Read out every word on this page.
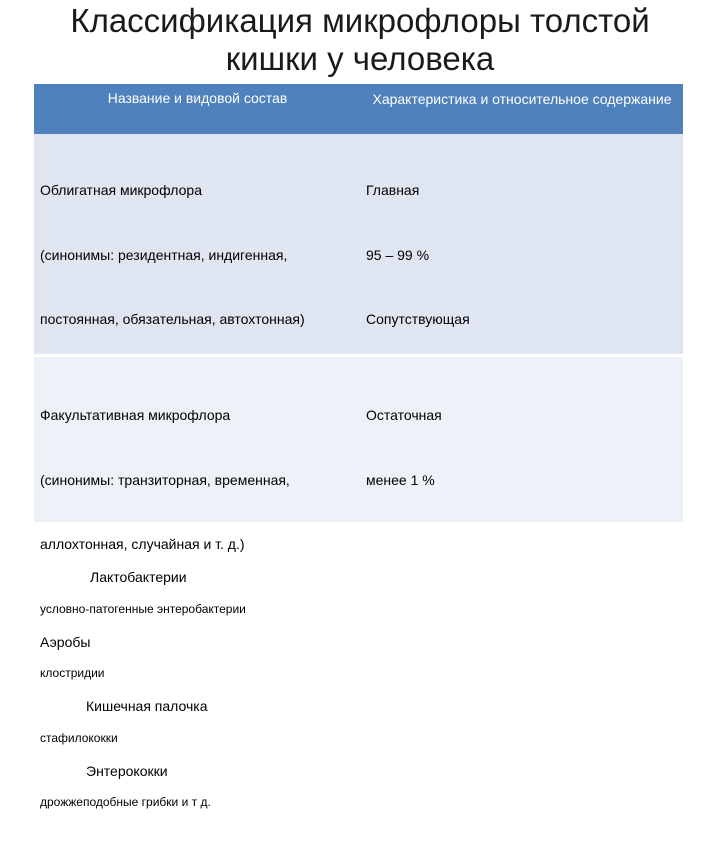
Классификация микрофлоры толстой
кишки у человека
Название и видовой состав	Характеристика и относительное содержание

Облигатная микрофлора

(синонимы: резидентная, индигенная,

постоянная, обязательная, автохтонная)

Лактобактерии

Аэробы

Кишечная палочка

Энтерококки

Главная

95 – 99 %

Сопутствующая

Факультативная микрофлора

(синонимы: транзиторная, временная,

аллохтонная, случайная и т. д.)

условно-патогенные энтеробактерии

клостридии

стафилококки

дрожжеподобные грибки и т д.

Остаточная

менее 1 %
